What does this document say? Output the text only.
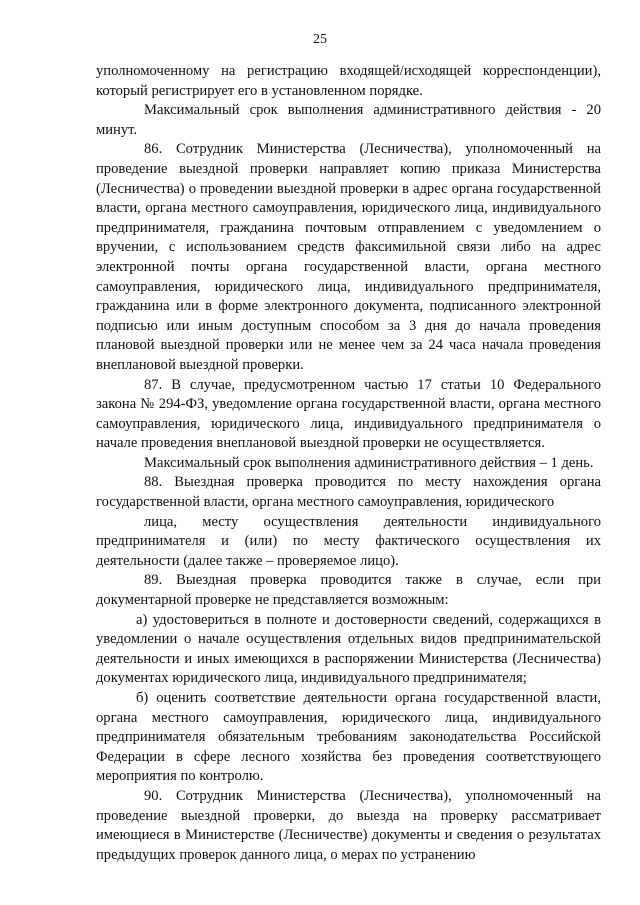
25

уполномоченному на регистрацию входящей/исходящей корреспонденции), который регистрирует его в установленном порядке.

Максимальный срок выполнения административного действия - 20 минут.

86. Сотрудник Министерства (Лесничества), уполномоченный на проведение выездной проверки направляет копию приказа Министерства (Лесничества) о проведении выездной проверки в адрес органа государственной власти, органа местного самоуправления, юридического лица, индивидуального предпринимателя, гражданина почтовым отправлением с уведомлением о вручении, с использованием средств факсимильной связи либо на адрес электронной почты органа государственной власти, органа местного самоуправления, юридического лица, индивидуального предпринимателя, гражданина или в форме электронного документа, подписанного электронной подписью или иным доступным способом за 3 дня до начала проведения плановой выездной проверки или не менее чем за 24 часа начала проведения внеплановой выездной проверки.

87. В случае, предусмотренном частью 17 статьи 10 Федерального закона № 294-ФЗ, уведомление органа государственной власти, органа местного самоуправления, юридического лица, индивидуального предпринимателя о начале проведения внеплановой выездной проверки не осуществляется.

Максимальный срок выполнения административного действия – 1 день.

88. Выездная проверка проводится по месту нахождения органа государственной власти, органа местного самоуправления, юридического

лица, месту осуществления деятельности индивидуального предпринимателя и (или) по месту фактического осуществления их деятельности (далее также – проверяемое лицо).

89. Выездная проверка проводится также в случае, если при документарной проверке не представляется возможным:

а) удостовериться в полноте и достоверности сведений, содержащихся в уведомлении о начале осуществления отдельных видов предпринимательской деятельности и иных имеющихся в распоряжении Министерства (Лесничества) документах юридического лица, индивидуального предпринимателя;

б) оценить соответствие деятельности органа государственной власти, органа местного самоуправления, юридического лица, индивидуального предпринимателя обязательным требованиям законодательства Российской Федерации в сфере лесного хозяйства без проведения соответствующего мероприятия по контролю.

90. Сотрудник Министерства (Лесничества), уполномоченный на проведение выездной проверки, до выезда на проверку рассматривает имеющиеся в Министерстве (Лесничестве) документы и сведения о результатах предыдущих проверок данного лица, о мерах по устранению
